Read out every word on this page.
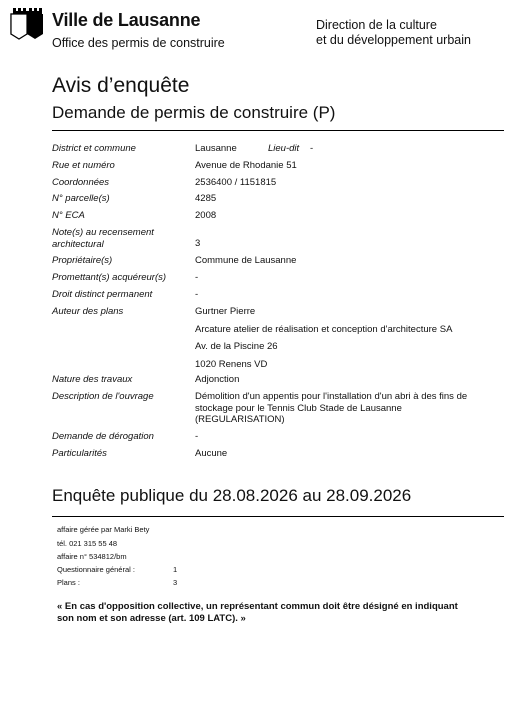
Ville de Lausanne
Office des permis de construire
Direction de la culture
et du développement urbain
Avis d’enquête
Demande de permis de construire (P)
District et commune	Lausanne	Lieu-dit -
Rue et numéro	Avenue de Rhodanie 51
Coordonnées	2536400 / 1151815
N° parcelle(s)	4285
N° ECA	2008
Note(s) au recensement
architectural	3
Propriétaire(s)	Commune de Lausanne
Promettant(s) acquéreur(s)	-
Droit distinct permanent	-
Auteur des plans	Gurtner Pierre
Arcature atelier de réalisation et conception d'architecture SA
Av. de la Piscine 26
1020 Renens VD
Nature des travaux	Adjonction
Description de l'ouvrage	Démolition d'un appentis pour l'installation d'un abri à des fins de
stockage pour le Tennis Club Stade de Lausanne
(REGULARISATION)
Demande de dérogation	-
Particularités	Aucune
Enquête publique du 28.08.2026 au 28.09.2026
affaire gérée par Marki Bety
tél. 021 315 55 48
affaire n° 534812/bm
Questionnaire général :	1
Plans :	3
« En cas d'opposition collective, un représentant commun doit être désigné en indiquant
son nom et son adresse (art. 109 LATC). »
